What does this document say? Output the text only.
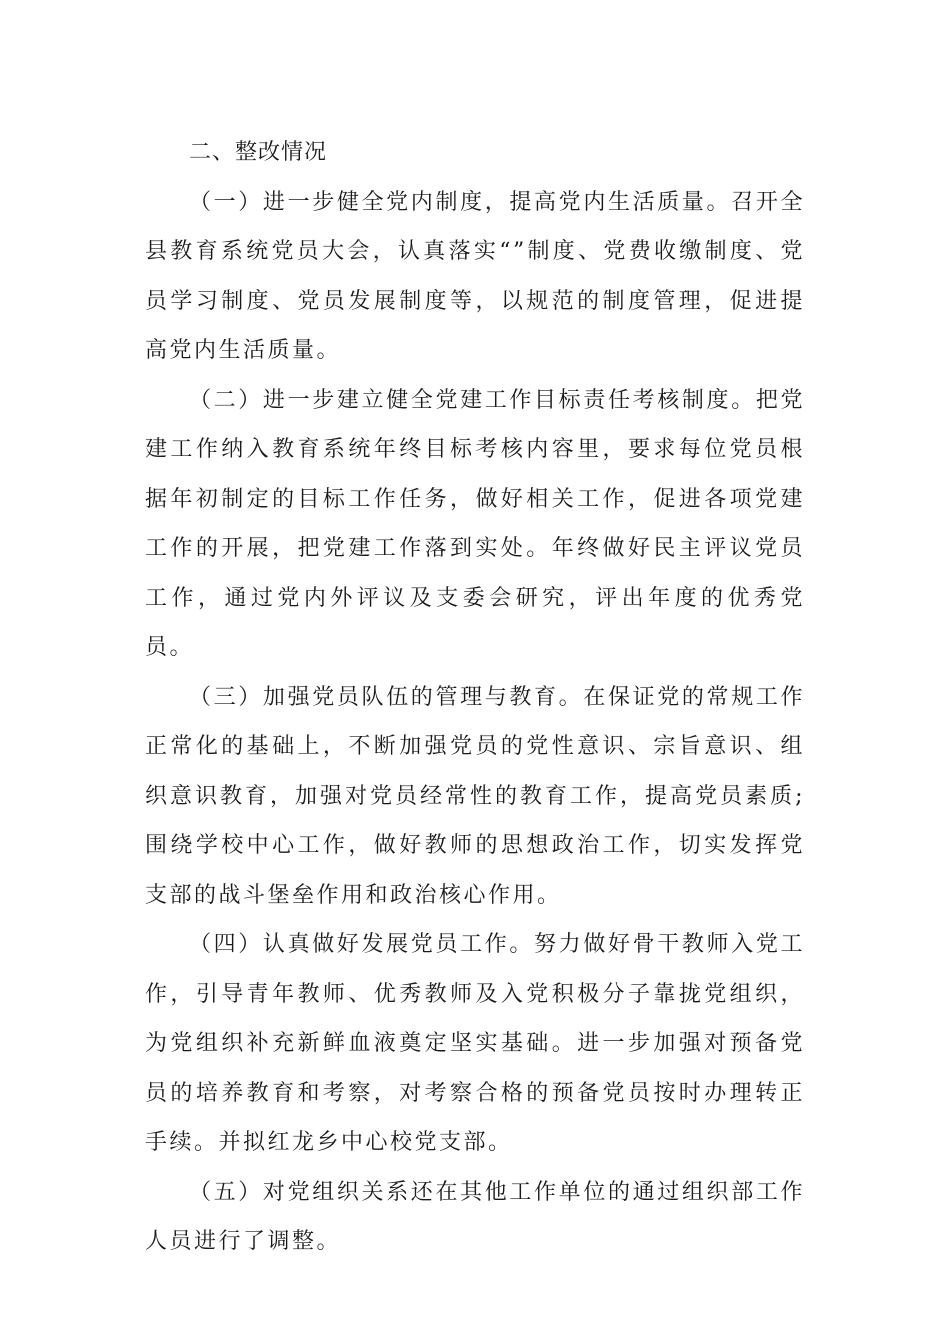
二、整改情况

（一）进一步健全党内制度，提高党内生活质量。召开全县教育系统党员大会，认真落实“”制度、党费收缴制度、党员学习制度、党员发展制度等，以规范的制度管理，促进提高党内生活质量。

（二）进一步建立健全党建工作目标责任考核制度。把党建工作纳入教育系统年终目标考核内容里，要求每位党员根据年初制定的目标工作任务，做好相关工作，促进各项党建工作的开展，把党建工作落到实处。年终做好民主评议党员工作，通过党内外评议及支委会研究，评出年度的优秀党员。

（三）加强党员队伍的管理与教育。在保证党的常规工作正常化的基础上，不断加强党员的党性意识、宗旨意识、组织意识教育，加强对党员经常性的教育工作，提高党员素质;围绕学校中心工作，做好教师的思想政治工作，切实发挥党支部的战斗堡垒作用和政治核心作用。

（四）认真做好发展党员工作。努力做好骨干教师入党工作，引导青年教师、优秀教师及入党积极分子靠拢党组织，为党组织补充新鲜血液奠定坚实基础。进一步加强对预备党员的培养教育和考察，对考察合格的预备党员按时办理转正手续。并拟红龙乡中心校党支部。

（五）对党组织关系还在其他工作单位的通过组织部工作人员进行了调整。
